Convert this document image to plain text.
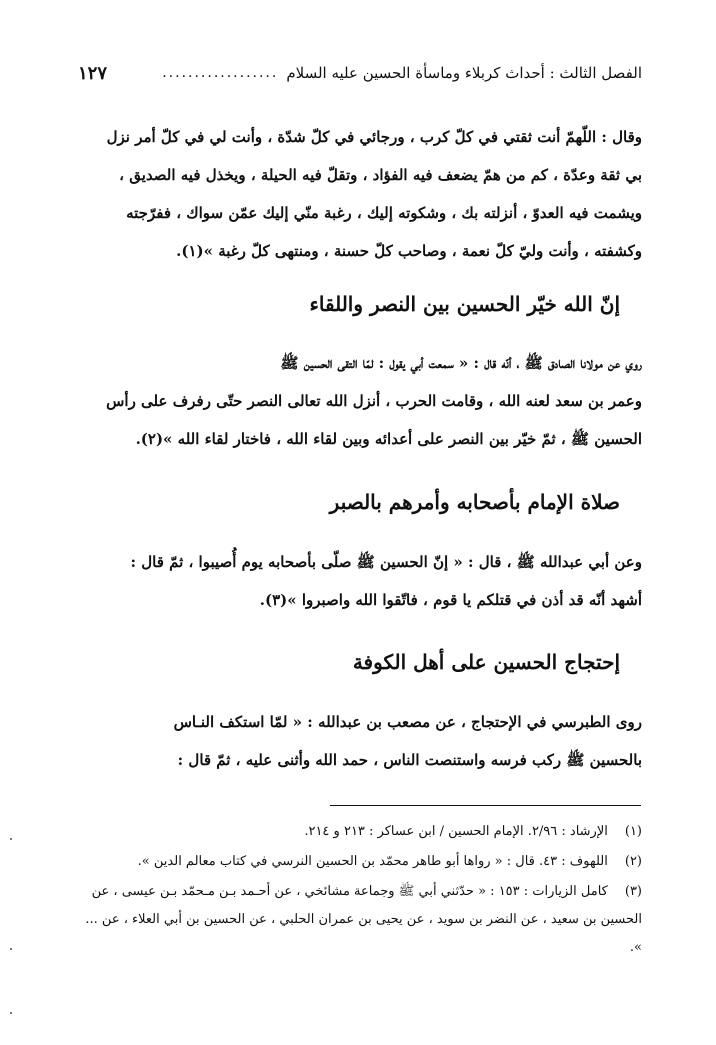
الفصل الثالث : أحداث كربلاء وماسأة الحسين عليه السلام
..................
١٢٧
وقال : اللّهمّ أنت ثقتي في كلّ كرب ، ورجائي في كلّ شدّة ، وأنت لي في كلّ أمر نزل
بي ثقة وعدّة ، كم من همّ يضعف فيه الفؤاد ، وتقلّ فيه الحيلة ، ويخذل فيه الصديق ،
ويشمت فيه العدوّ ، أنزلته بك ، وشكوته إليك ، رغبة منّي إليك عمّن سواك ، ففرّجته
وكشفته ، وأنت وليّ كلّ نعمة ، وصاحب كلّ حسنة ، ومنتهى كلّ رغبة »(١).
إنّ الله خيّر الحسين بين النصر واللقاء
روي عن مولانا الصادق ﷺ ، أنّه قال : « سمعت أبي يقول : لمّا التقى الحسين ﷺ
وعمر بن سعد لعنه الله ، وقامت الحرب ، أنزل الله تعالى النصر حتّى رفرف على رأس
الحسين ﷺ ، ثمّ خيّر بين النصر على أعدائه وبين لقاء الله ، فاختار لقاء الله »(٢).
صلاة الإمام بأصحابه وأمرهم بالصبر
وعن أبي عبدالله ﷺ ، قال : « إنّ الحسين ﷺ صلّى بأصحابه يوم أُصيبوا ، ثمّ قال :
أشهد أنّه قد أذن في قتلكم يا قوم ، فاتّقوا الله واصبروا »(٣).
إحتجاج الحسين على أهل الكوفة
روى الطبرسي في الإحتجاج ، عن مصعب بن عبدالله : « لمّا استكف النـاس
بالحسين ﷺ ركب فرسه واستنصت الناس ، حمد الله وأثنى عليه ، ثمّ قال :
(١) الإرشاد : ٢/٩٦. الإمام الحسين / ابن عساكر : ٢١٣ و ٢١٤.
(٢) اللهوف : ٤٣. قال : « رواها أبو طاهر محمّد بن الحسين النرسي في كتاب معالم الدين ».
(٣) كامل الزيارات : ١٥٣ : « حدّثني أبي ﷺ وجماعة مشائخي ، عن أحـمد بـن مـحمّد بـن عيسى ، عن الحسين بن سعيد ، عن النضر بن سويد ، عن يحيى بن عمران الحلبي ، عن الحسين بن أبي العلاء ، عن ... ».
